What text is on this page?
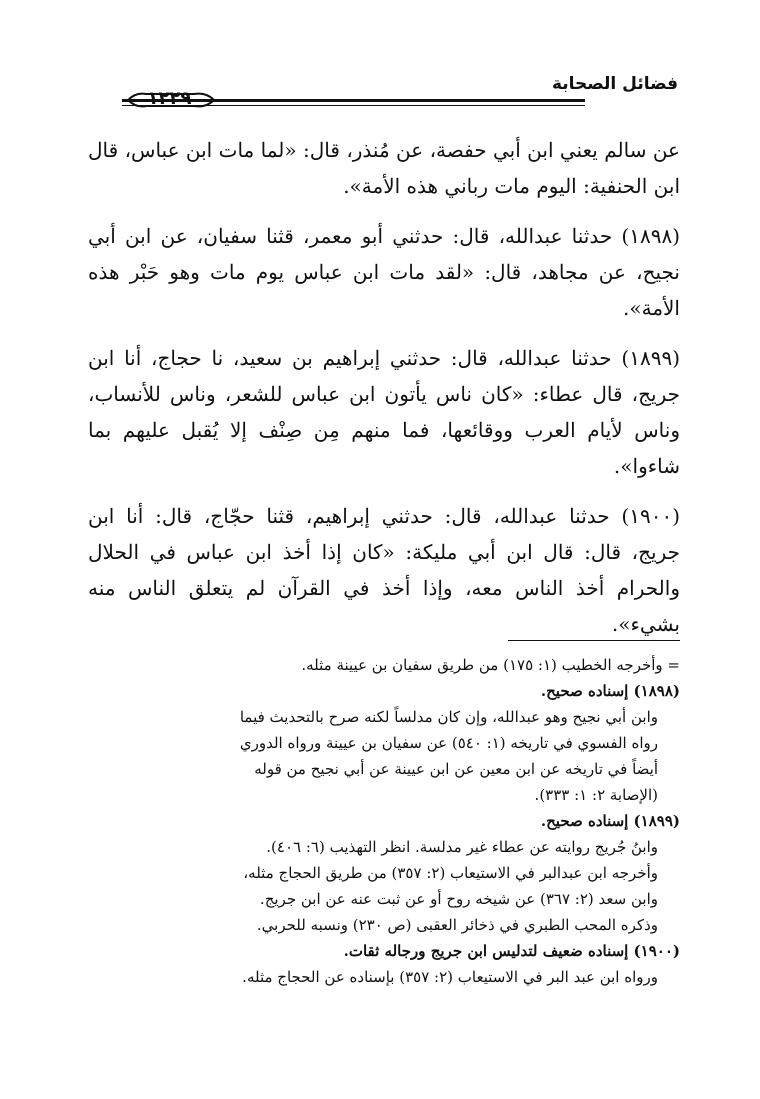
فضائل الصحابة
١٢٢٩

عن سالم يعني ابن أبي حفصة، عن مُنذر، قال: «لما مات ابن عباس، قال ابن الحنفية: اليوم مات رباني هذه الأمة».

(١٨٩٨) حدثنا عبدالله، قال: حدثني أبو معمر، قثنا سفيان، عن ابن أبي نجيح، عن مجاهد، قال: «لقد مات ابن عباس يوم مات وهو حَبْر هذه الأمة».

(١٨٩٩) حدثنا عبدالله، قال: حدثني إبراهيم بن سعيد، نا حجاج، أنا ابن جريج، قال عطاء: «كان ناس يأتون ابن عباس للشعر، وناس للأنساب، وناس لأيام العرب ووقائعها، فما منهم مِن صِنْف إلا يُقبل عليهم بما شاءوا».

(١٩٠٠) حدثنا عبدالله، قال: حدثني إبراهيم، قثنا حجّاج، قال: أنا ابن جريج، قال: قال ابن أبي مليكة: «كان إذا أخذ ابن عباس في الحلال والحرام أخذ الناس معه، وإذا أخذ في القرآن لم يتعلق الناس منه بشيء».

= وأخرجه الخطيب (١: ١٧٥) من طريق سفيان بن عيينة مثله.
(١٨٩٨) إسناده صحيح.
وابن أبي نجيح وهو عبدالله، وإن كان مدلساً لكنه صرح بالتحديث فيما
رواه الفسوي في تاريخه (١: ٥٤٠) عن سفيان بن عيينة ورواه الدوري
أيضاً في تاريخه عن ابن معين عن ابن عيينة عن أبي نجيح من قوله
(الإصابة ٢: ١: ٣٣٣).
(١٨٩٩) إسناده صحيح.
وابنُ جُريج روايته عن عطاء غير مدلسة. انظر التهذيب (٦: ٤٠٦).
وأخرجه ابن عبدالبر في الاستيعاب (٢: ٣٥٧) من طريق الحجاج مثله،
وابن سعد (٢: ٣٦٧) عن شيخه روح أو عن ثبت عنه عن ابن جريج.
وذكره المحب الطبري في ذخائر العقبى (ص ٢٣٠) ونسبه للحربي.
(١٩٠٠) إسناده ضعيف لتدليس ابن جريج ورجاله ثقات.
ورواه ابن عبد البر في الاستيعاب (٢: ٣٥٧) بإسناده عن الحجاج مثله.
